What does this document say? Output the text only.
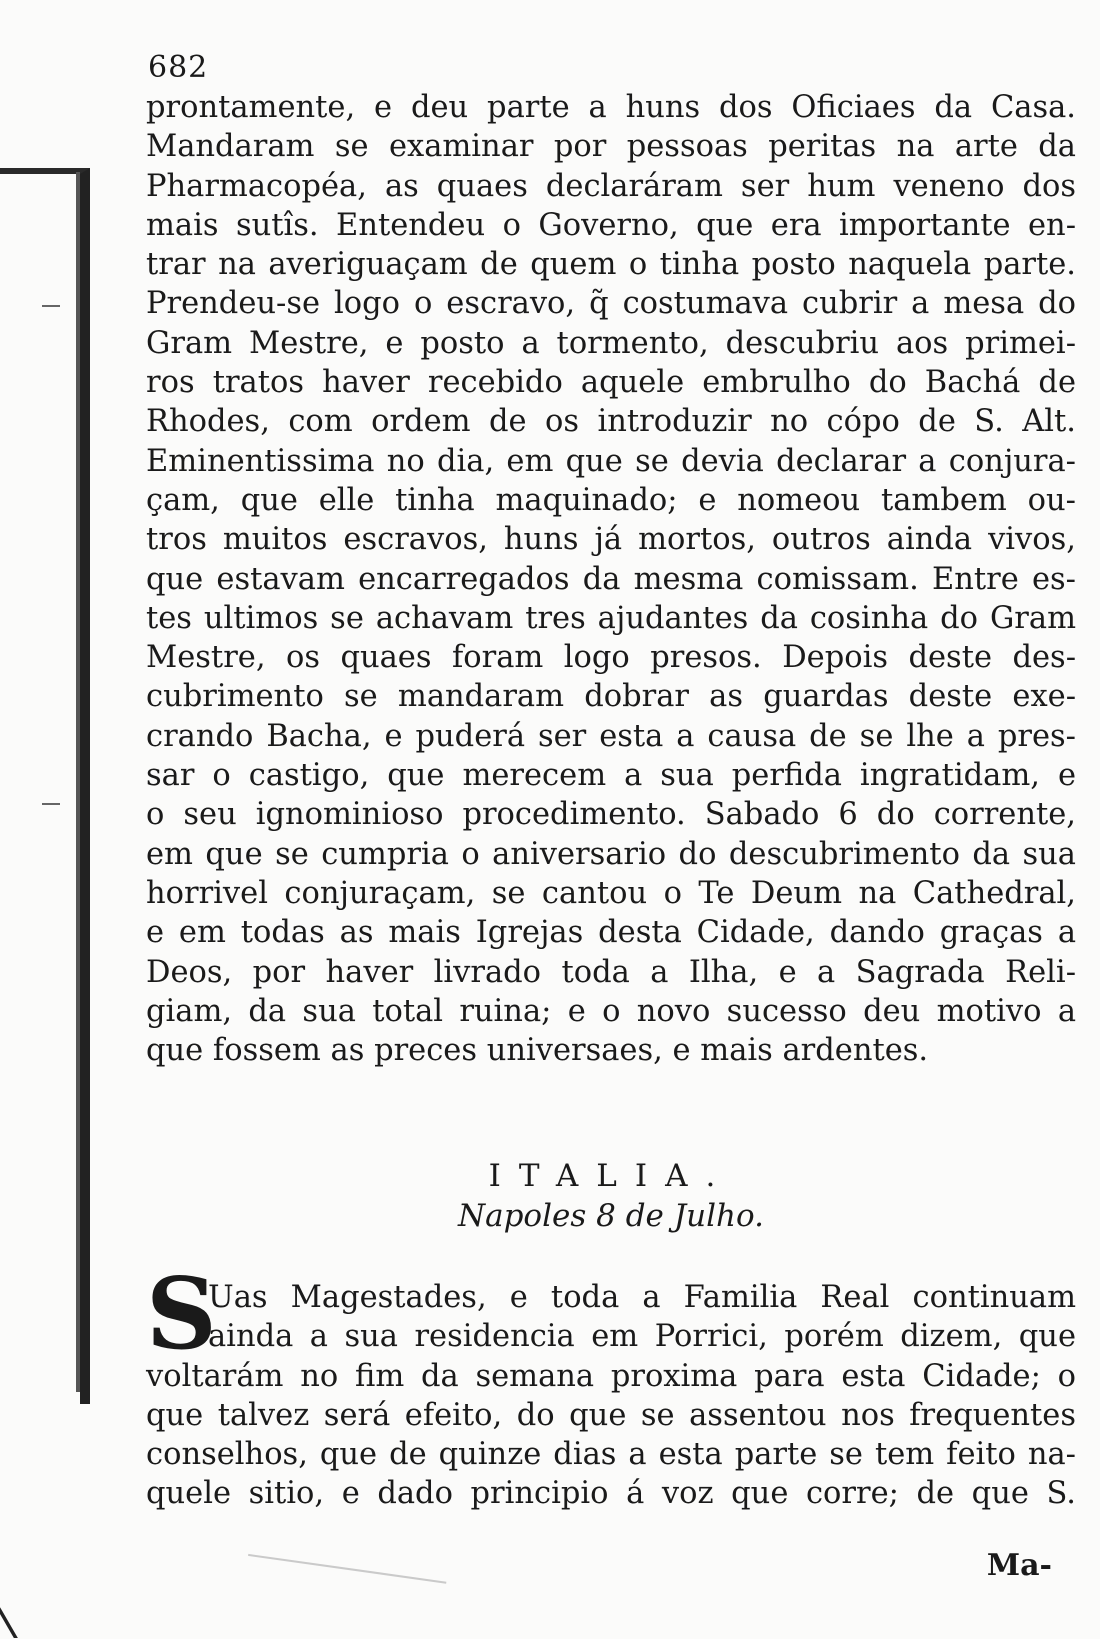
682
prontamente, e deu parte a huns dos Oficiaes da Casa.
Mandaram se examinar por pessoas peritas na arte da
Pharmacopéa, as quaes declaráram ser hum veneno dos
mais sutîs. Entendeu o Governo, que era importante en-
trar na averiguaçam de quem o tinha posto naquela parte.
Prendeu-se logo o escravo, q̃ costumava cubrir a mesa do
Gram Mestre, e posto a tormento, descubriu aos primei-
ros tratos haver recebido aquele embrulho do Bachá de
Rhodes, com ordem de os introduzir no cópo de S. Alt.
Eminentissima no dia, em que se devia declarar a conjura-
çam, que elle tinha maquinado; e nomeou tambem ou-
tros muitos escravos, huns já mortos, outros ainda vivos,
que estavam encarregados da mesma comissam. Entre es-
tes ultimos se achavam tres ajudantes da cosinha do Gram
Mestre, os quaes foram logo presos. Depois deste des-
cubrimento se mandaram dobrar as guardas deste exe-
crando Bacha, e puderá ser esta a causa de se lhe a pres-
sar o castigo, que merecem a sua perfida ingratidam, e
o seu ignominioso procedimento. Sabado 6 do corrente,
em que se cumpria o aniversario do descubrimento da sua
horrivel conjuraçam, se cantou o Te Deum na Cathedral,
e em todas as mais Igrejas desta Cidade, dando graças a
Deos, por haver livrado toda a Ilha, e a Sagrada Reli-
giam, da sua total ruina; e o novo sucesso deu motivo a
que fossem as preces universaes, e mais ardentes.
ITALIA.
Napoles 8 de Julho.
S
Uas Magestades, e toda a Familia Real continuam
ainda a sua residencia em Porrici, porém dizem, que
voltarám no fim da semana proxima para esta Cidade; o
que talvez será efeito, do que se assentou nos frequentes
conselhos, que de quinze dias a esta parte se tem feito na-
quele sitio, e dado principio á voz que corre; de que S.
Ma-
